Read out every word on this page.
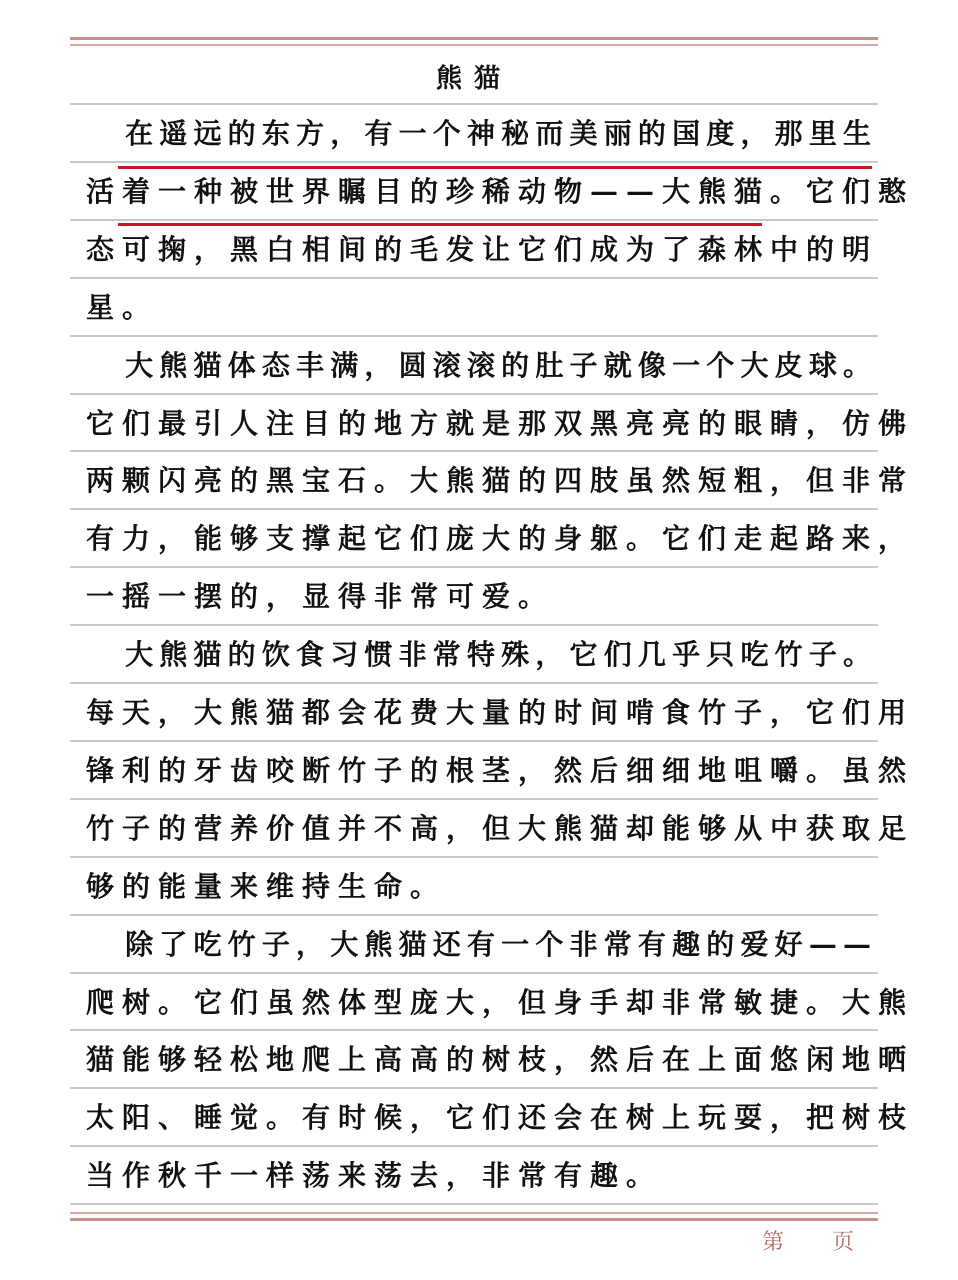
熊猫
在 遥 远 的 东 方 ， 有 一 个 神 秘 而 美 丽 的 国 度 ， 那 里 生
活 着 一 种 被 世 界 瞩 目 的 珍 稀 动 物 — — 大 熊 猫 。 它 们 憨
态 可 掬 ， 黑 白 相 间 的 毛 发 让 它 们 成 为 了 森 林 中 的 明
星 。
大 熊 猫 体 态 丰 满 ， 圆 滚 滚 的 肚 子 就 像 一 个 大 皮 球 。
它 们 最 引 人 注 目 的 地 方 就 是 那 双 黑 亮 亮 的 眼 睛 ， 仿 佛
两 颗 闪 亮 的 黑 宝 石 。 大 熊 猫 的 四 肢 虽 然 短 粗 ， 但 非 常
有 力 ， 能 够 支 撑 起 它 们 庞 大 的 身 躯 。 它 们 走 起 路 来 ，
一 摇 一 摆 的 ， 显 得 非 常 可 爱 。
大 熊 猫 的 饮 食 习 惯 非 常 特 殊 ， 它 们 几 乎 只 吃 竹 子 。
每 天 ， 大 熊 猫 都 会 花 费 大 量 的 时 间 啃 食 竹 子 ， 它 们 用
锋 利 的 牙 齿 咬 断 竹 子 的 根 茎 ， 然 后 细 细 地 咀 嚼 。 虽 然
竹 子 的 营 养 价 值 并 不 高 ， 但 大 熊 猫 却 能 够 从 中 获 取 足
够 的 能 量 来 维 持 生 命 。
除 了 吃 竹 子 ， 大 熊 猫 还 有 一 个 非 常 有 趣 的 爱 好 — —
爬 树 。 它 们 虽 然 体 型 庞 大 ， 但 身 手 却 非 常 敏 捷 。 大 熊
猫 能 够 轻 松 地 爬 上 高 高 的 树 枝 ， 然 后 在 上 面 悠 闲 地 晒
太 阳 、 睡 觉 。 有 时 候 ， 它 们 还 会 在 树 上 玩 耍 ， 把 树 枝
当 作 秋 千 一 样 荡 来 荡 去 ， 非 常 有 趣 。
第 页
